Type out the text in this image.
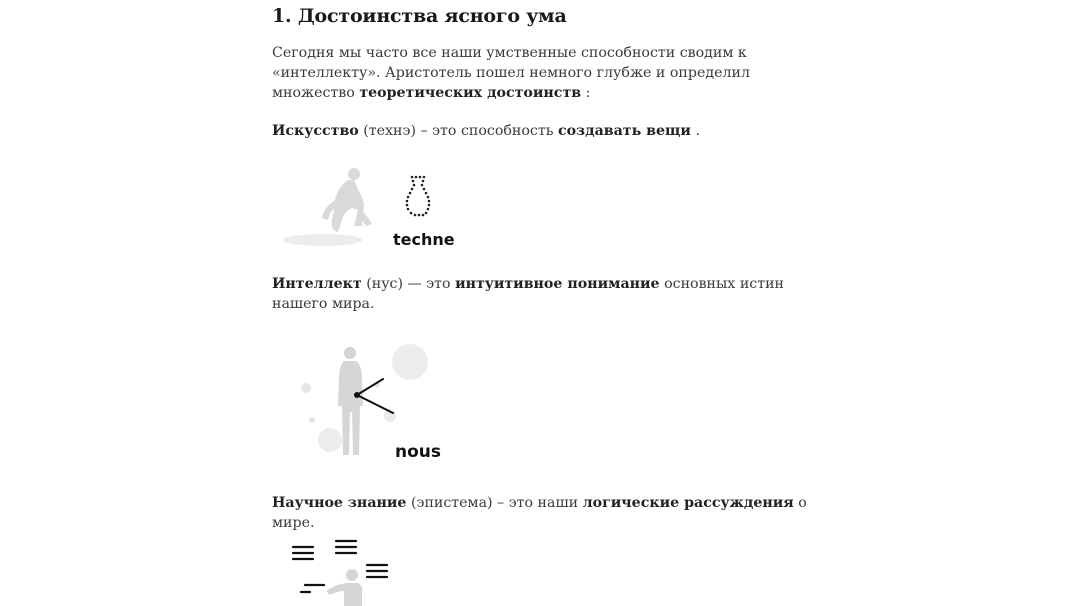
1. Достоинства ясного ума

Сегодня мы часто все наши умственные способности сводим к «интеллекту». Аристотель пошел немного глубже и определил множество теоретических достоинств :

Искусство (технэ) – это способность создавать вещи .

techne

Интеллект (нус) — это интуитивное понимание основных истин нашего мира.

nous

Научное знание (эпистема) – это наши логические рассуждения о мире.
